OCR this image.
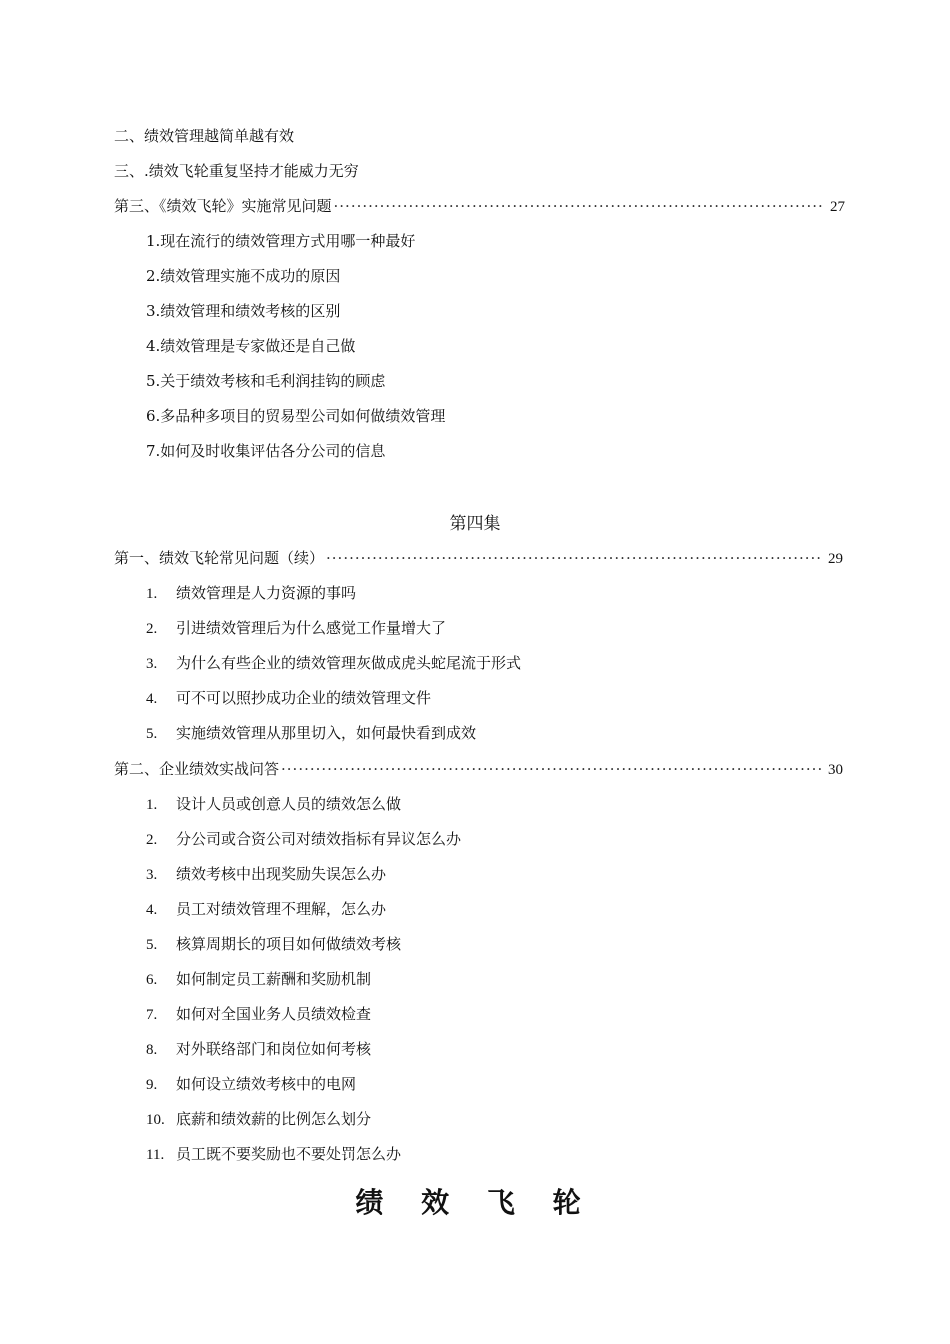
二、绩效管理越简单越有效
三、.绩效飞轮重复坚持才能威力无穷
第三、《绩效飞轮》实施常见问题 ·····	27
1.现在流行的绩效管理方式用哪一种最好
2.绩效管理实施不成功的原因
3.绩效管理和绩效考核的区别
4.绩效管理是专家做还是自己做
5.关于绩效考核和毛利润挂钩的顾虑
6.多品种多项目的贸易型公司如何做绩效管理
7.如何及时收集评估各分公司的信息
第四集
第一、绩效飞轮常见问题（续） ·····	29
1. 绩效管理是人力资源的事吗
2. 引进绩效管理后为什么感觉工作量增大了
3. 为什么有些企业的绩效管理灰做成虎头蛇尾流于形式
4. 可不可以照抄成功企业的绩效管理文件
5. 实施绩效管理从那里切入，如何最快看到成效
第二、企业绩效实战问答 ·····	30
1. 设计人员或创意人员的绩效怎么做
2. 分公司或合资公司对绩效指标有异议怎么办
3. 绩效考核中出现奖励失误怎么办
4. 员工对绩效管理不理解，怎么办
5. 核算周期长的项目如何做绩效考核
6. 如何制定员工薪酬和奖励机制
7. 如何对全国业务人员绩效检查
8. 对外联络部门和岗位如何考核
9. 如何设立绩效考核中的电网
10. 底薪和绩效薪的比例怎么划分
11. 员工既不要奖励也不要处罚怎么办
绩 效 飞 轮
